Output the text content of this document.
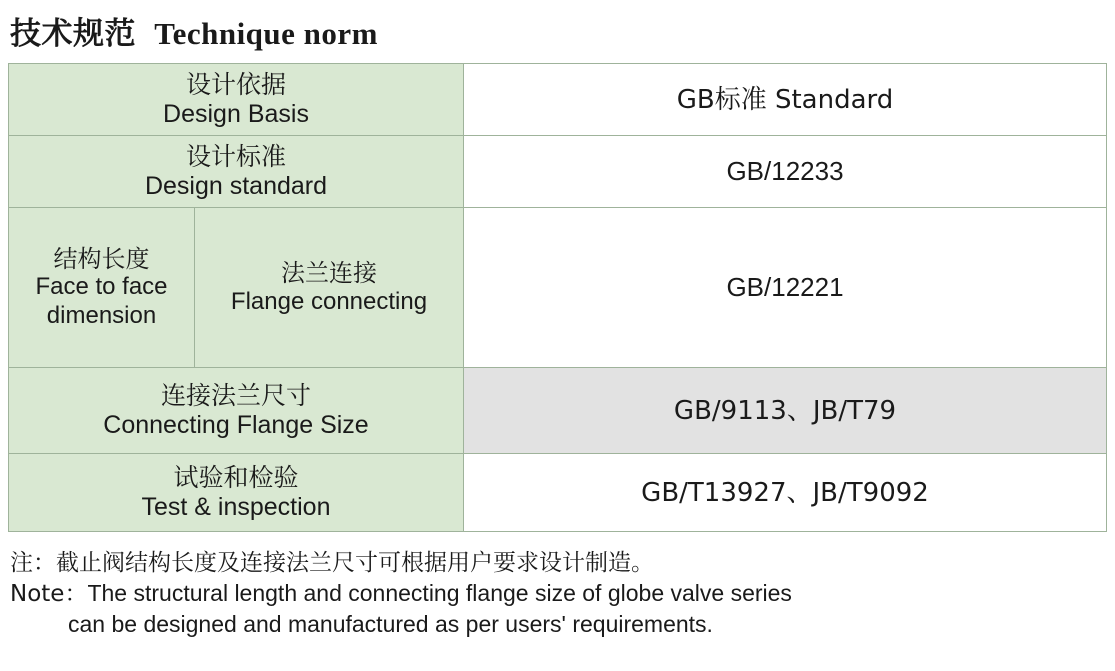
技术规范 Technique norm
设计依据
Design Basis		GB标准 Standard

设计标准
Design standard		GB/12233

结构长度
Face to face dimension	法兰连接
Flange connecting	GB/12221

连接法兰尺寸
Connecting Flange Size		GB/9113、JB/T79

试验和检验
Test & inspection		GB/T13927、JB/T9092
注：截止阀结构长度及连接法兰尺寸可根据用户要求设计制造。
Note：The structural length and connecting flange size of globe valve series
can be designed and manufactured as per users' requirements.
